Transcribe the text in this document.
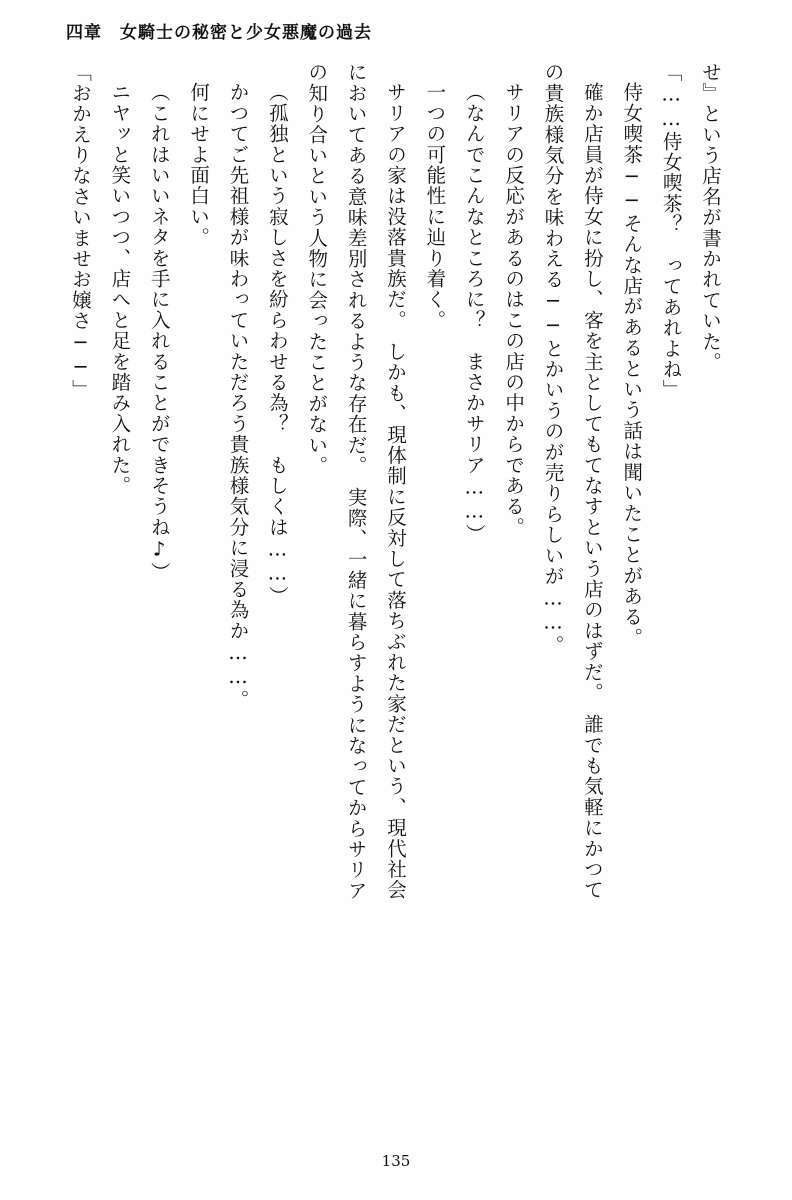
四章　女騎士の秘密と少女悪魔の過去

せ』という店名が書かれていた。

「……侍女喫茶？　ってあれよね」

侍女喫茶──そんな店があるという話は聞いたことがある。

確か店員が侍女に扮し、客を主としてもてなすという店のはずだ。　誰でも気軽にかつて

の貴族様気分を味わえる──とかいうのが売りらしいが……。

サリアの反応があるのはこの店の中からである。

（なんでこんなところに？　まさかサリア……）

一つの可能性に辿り着く。

サリアの家は没落貴族だ。　しかも、現体制に反対して落ちぶれた家だという、現代社会

においてある意味差別されるような存在だ。　実際、一緒に暮らすようになってからサリア

の知り合いという人物に会ったことがない。

（孤独という寂しさを紛らわせる為？　もしくは……）

かつてご先祖様が味わっていただろう貴族様気分に浸る為か……。

何にせよ面白い。

（これはいいネタを手に入れることができそうね♪）

ニヤッと笑いつつ、店へと足を踏み入れた。

「おかえりなさいませお嬢さ──」

135
